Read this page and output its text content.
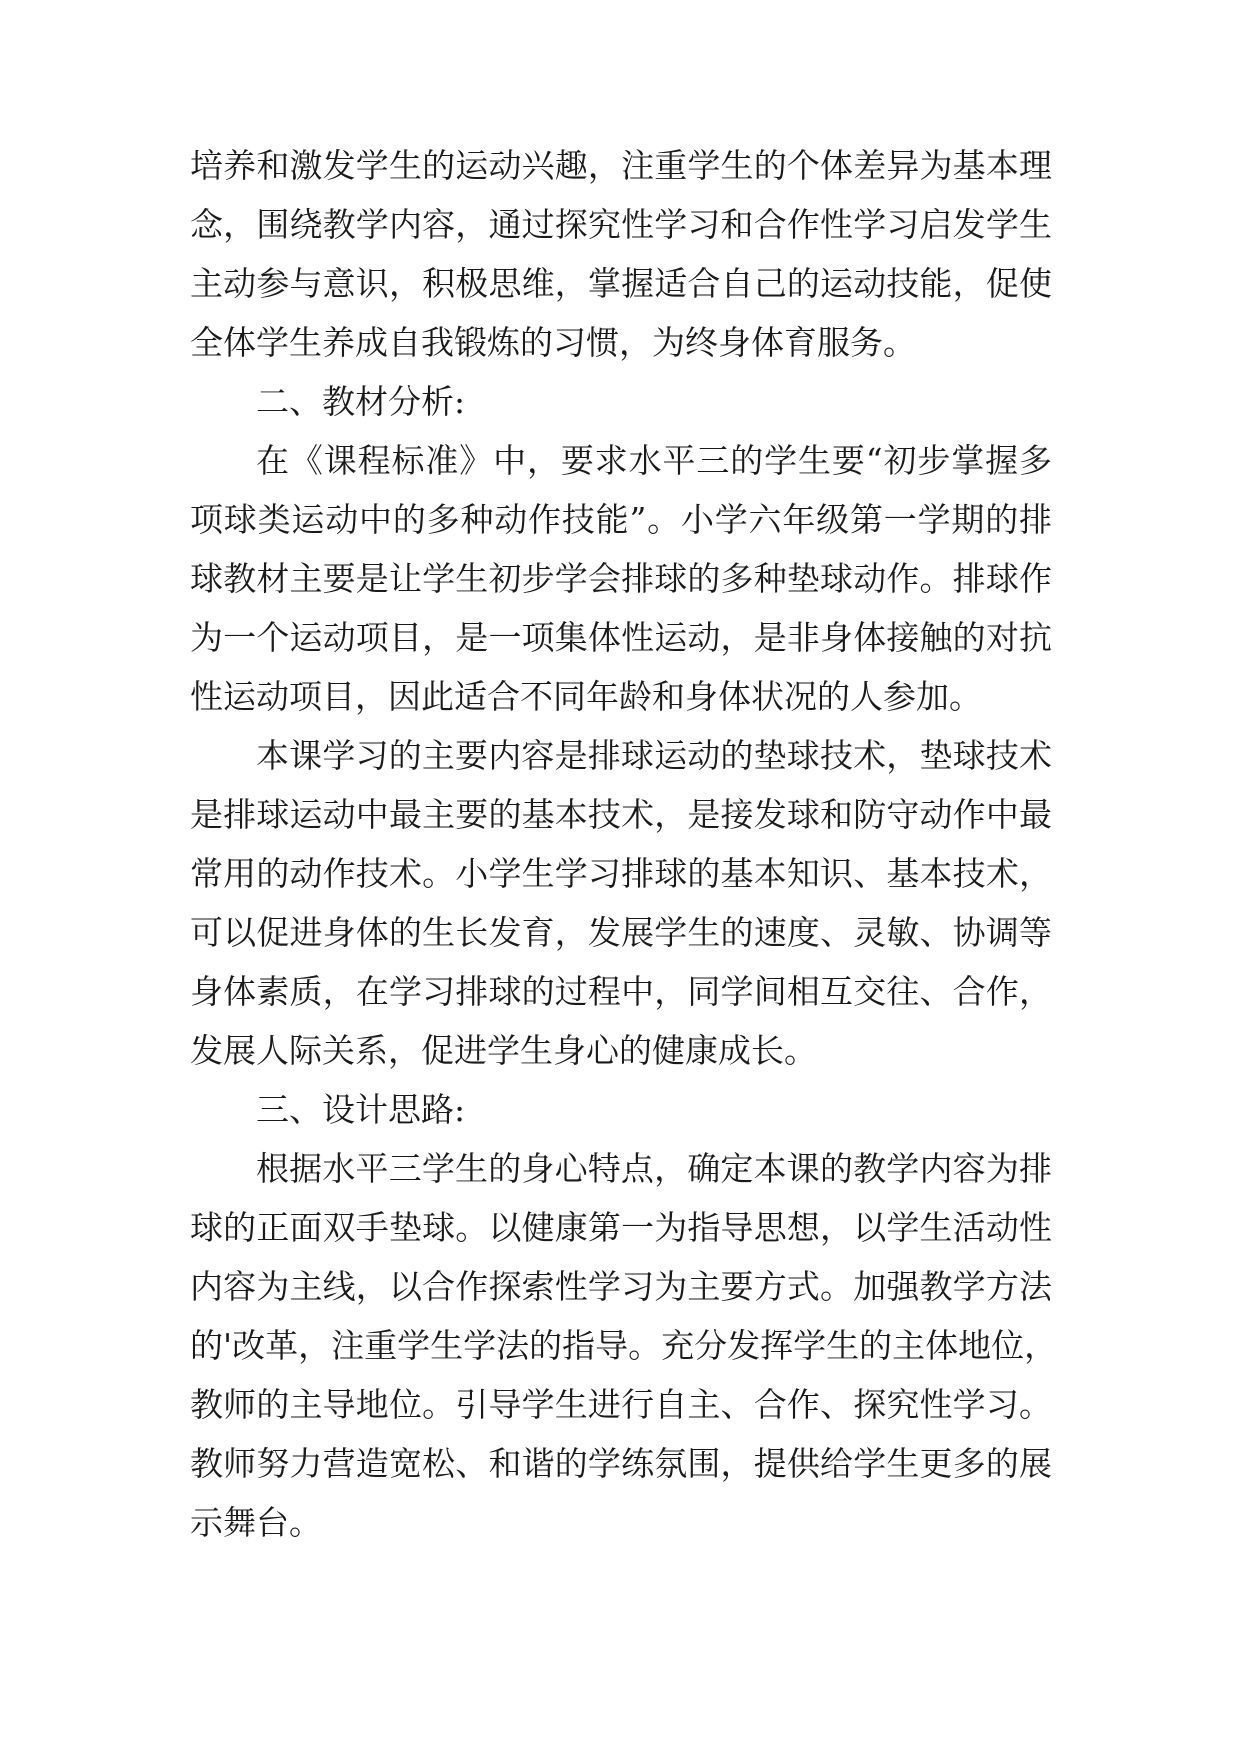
培养和激发学生的运动兴趣，注重学生的个体差异为基本理
念，围绕教学内容，通过探究性学习和合作性学习启发学生
主动参与意识，积极思维，掌握适合自己的运动技能，促使
全体学生养成自我锻炼的习惯，为终身体育服务。
二、教材分析:
在《课程标准》中，要求水平三的学生要“初步掌握多
项球类运动中的多种动作技能”。小学六年级第一学期的排
球教材主要是让学生初步学会排球的多种垫球动作。排球作
为一个运动项目，是一项集体性运动，是非身体接触的对抗
性运动项目，因此适合不同年龄和身体状况的人参加。
本课学习的主要内容是排球运动的垫球技术，垫球技术
是排球运动中最主要的基本技术，是接发球和防守动作中最
常用的动作技术。小学生学习排球的基本知识、基本技术，
可以促进身体的生长发育，发展学生的速度、灵敏、协调等
身体素质，在学习排球的过程中，同学间相互交往、合作，
发展人际关系，促进学生身心的健康成长。
三、设计思路:
根据水平三学生的身心特点，确定本课的教学内容为排
球的正面双手垫球。以健康第一为指导思想，以学生活动性
内容为主线，以合作探索性学习为主要方式。加强教学方法
的'改革，注重学生学法的指导。充分发挥学生的主体地位，
教师的主导地位。引导学生进行自主、合作、探究性学习。
教师努力营造宽松、和谐的学练氛围，提供给学生更多的展
示舞台。
